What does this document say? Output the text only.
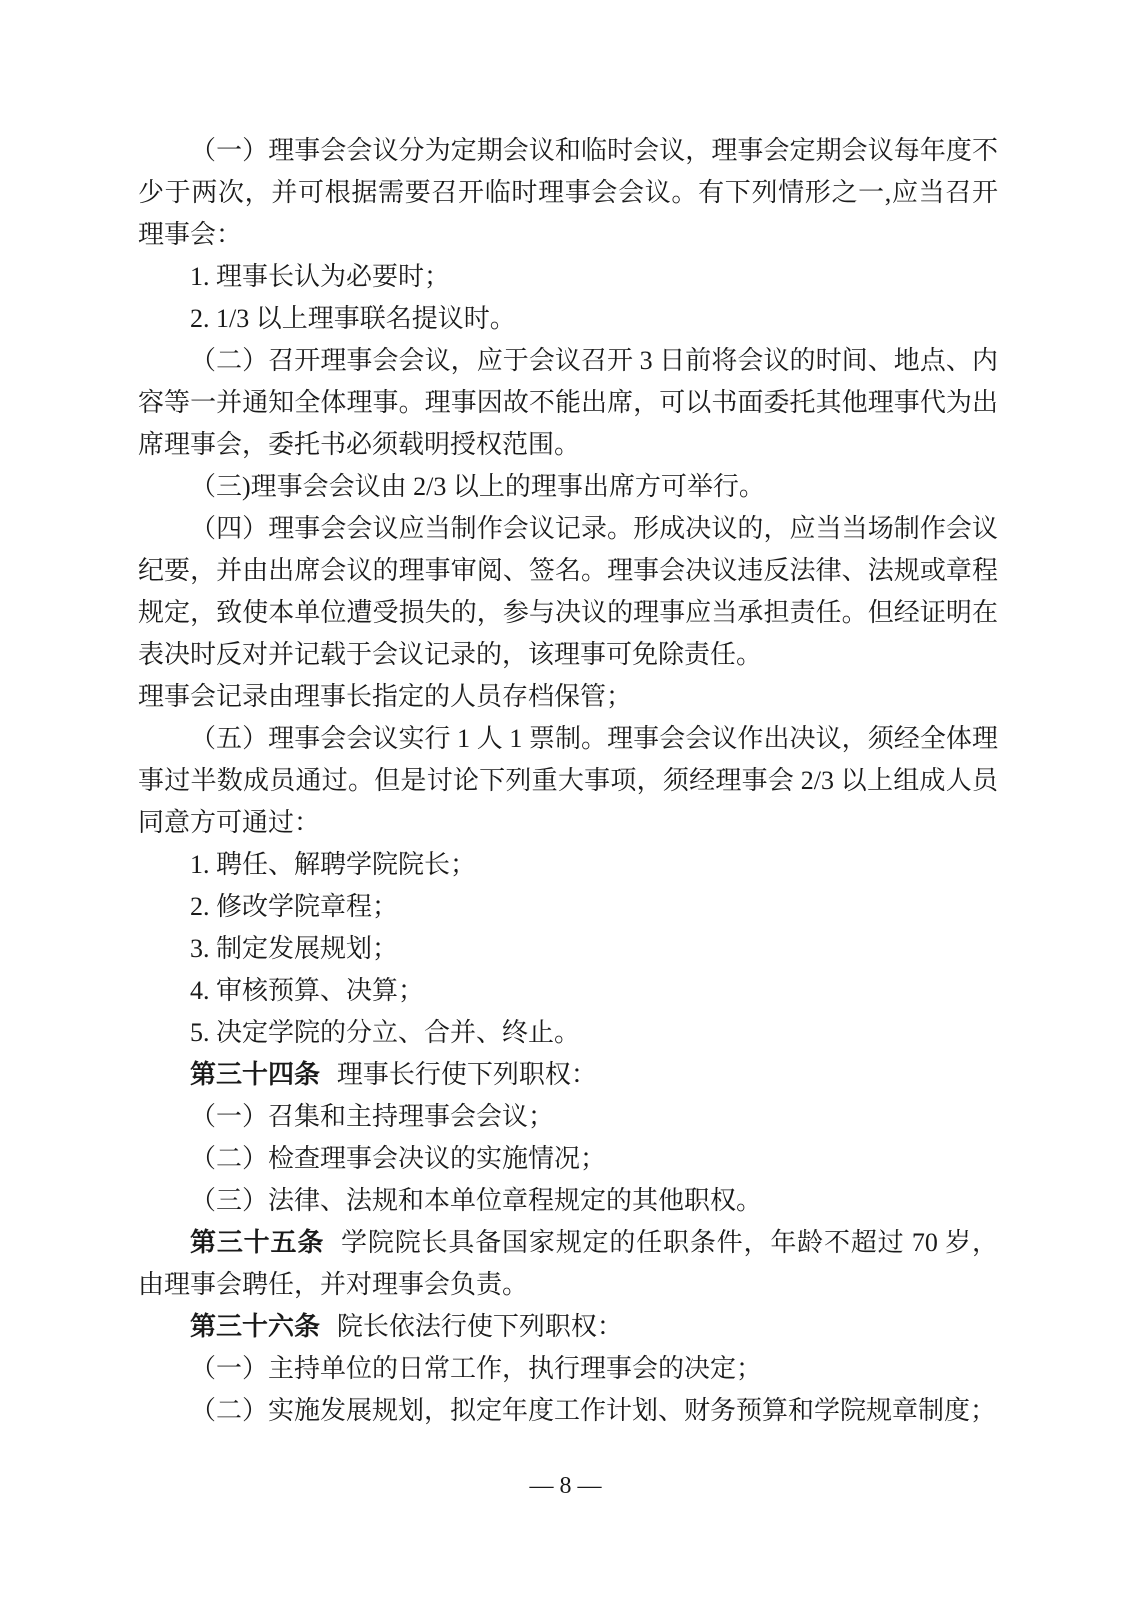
（一）理事会会议分为定期会议和临时会议，理事会定期会议每年度不少于两次，并可根据需要召开临时理事会会议。有下列情形之一,应当召开理事会：

1. 理事长认为必要时；

2. 1/3 以上理事联名提议时。

（二）召开理事会会议，应于会议召开 3 日前将会议的时间、地点、内容等一并通知全体理事。理事因故不能出席，可以书面委托其他理事代为出席理事会，委托书必须载明授权范围。

（三)理事会会议由 2/3 以上的理事出席方可举行。

（四）理事会会议应当制作会议记录。形成决议的，应当当场制作会议纪要，并由出席会议的理事审阅、签名。理事会决议违反法律、法规或章程规定，致使本单位遭受损失的，参与决议的理事应当承担责任。但经证明在表决时反对并记载于会议记录的，该理事可免除责任。

理事会记录由理事长指定的人员存档保管；

（五）理事会会议实行 1 人 1 票制。理事会会议作出决议，须经全体理事过半数成员通过。但是讨论下列重大事项，须经理事会 2/3 以上组成人员同意方可通过：

1. 聘任、解聘学院院长；

2. 修改学院章程；

3. 制定发展规划；

4. 审核预算、决算；

5. 决定学院的分立、合并、终止。

第三十四条 理事长行使下列职权：

（一）召集和主持理事会会议；

（二）检查理事会决议的实施情况；

（三）法律、法规和本单位章程规定的其他职权。

第三十五条 学院院长具备国家规定的任职条件，年龄不超过 70 岁，由理事会聘任，并对理事会负责。

第三十六条 院长依法行使下列职权：

（一）主持单位的日常工作，执行理事会的决定；

（二）实施发展规划，拟定年度工作计划、财务预算和学院规章制度；

— 8 —
